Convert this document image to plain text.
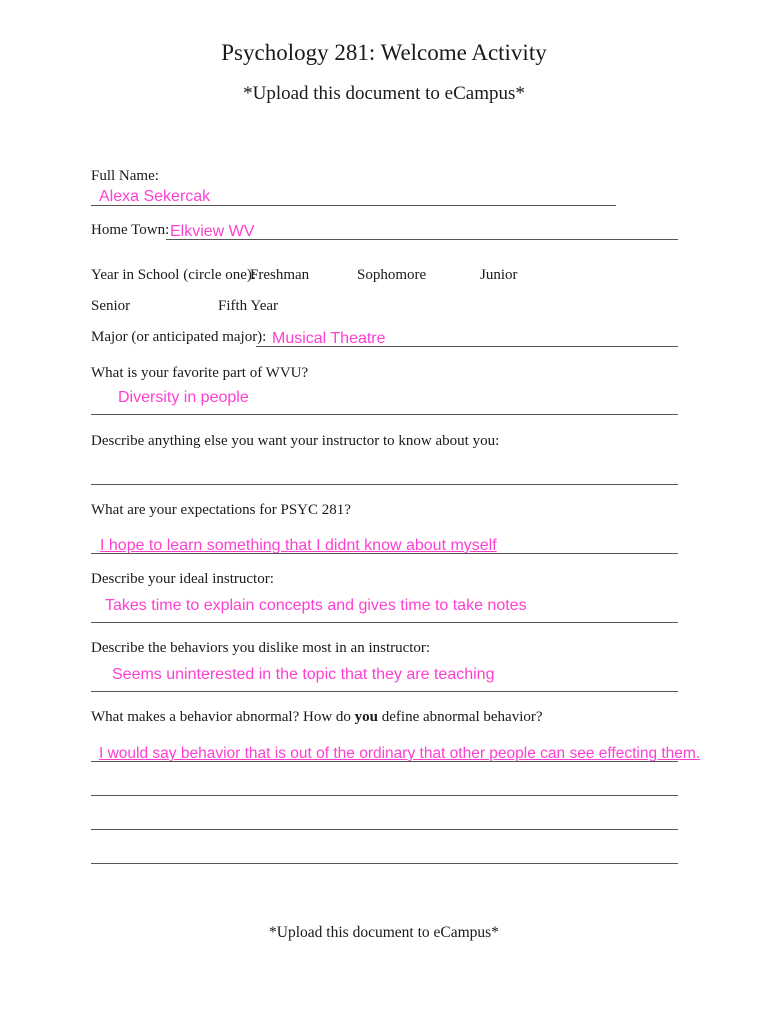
Psychology 281: Welcome Activity
*Upload this document to eCampus*
Full Name:
Alexa Sekercak
Home Town: Elkview WV
Year in School (circle one):
Freshman	Sophomore	Junior
Senior	Fifth Year
Major (or anticipated major): Musical Theatre
What is your favorite part of WVU?
Diversity in people
Describe anything else you want your instructor to know about you:
What are your expectations for PSYC 281?
I hope to learn something that I didnt know about myself
Describe your ideal instructor:
Takes time to explain concepts and gives time to take notes
Describe the behaviors you dislike most in an instructor:
Seems uninterested in the topic that they are teaching
What makes a behavior abnormal? How do you define abnormal behavior?
I would say behavior that is out of the ordinary that other people can see effecting them.
*Upload this document to eCampus*
